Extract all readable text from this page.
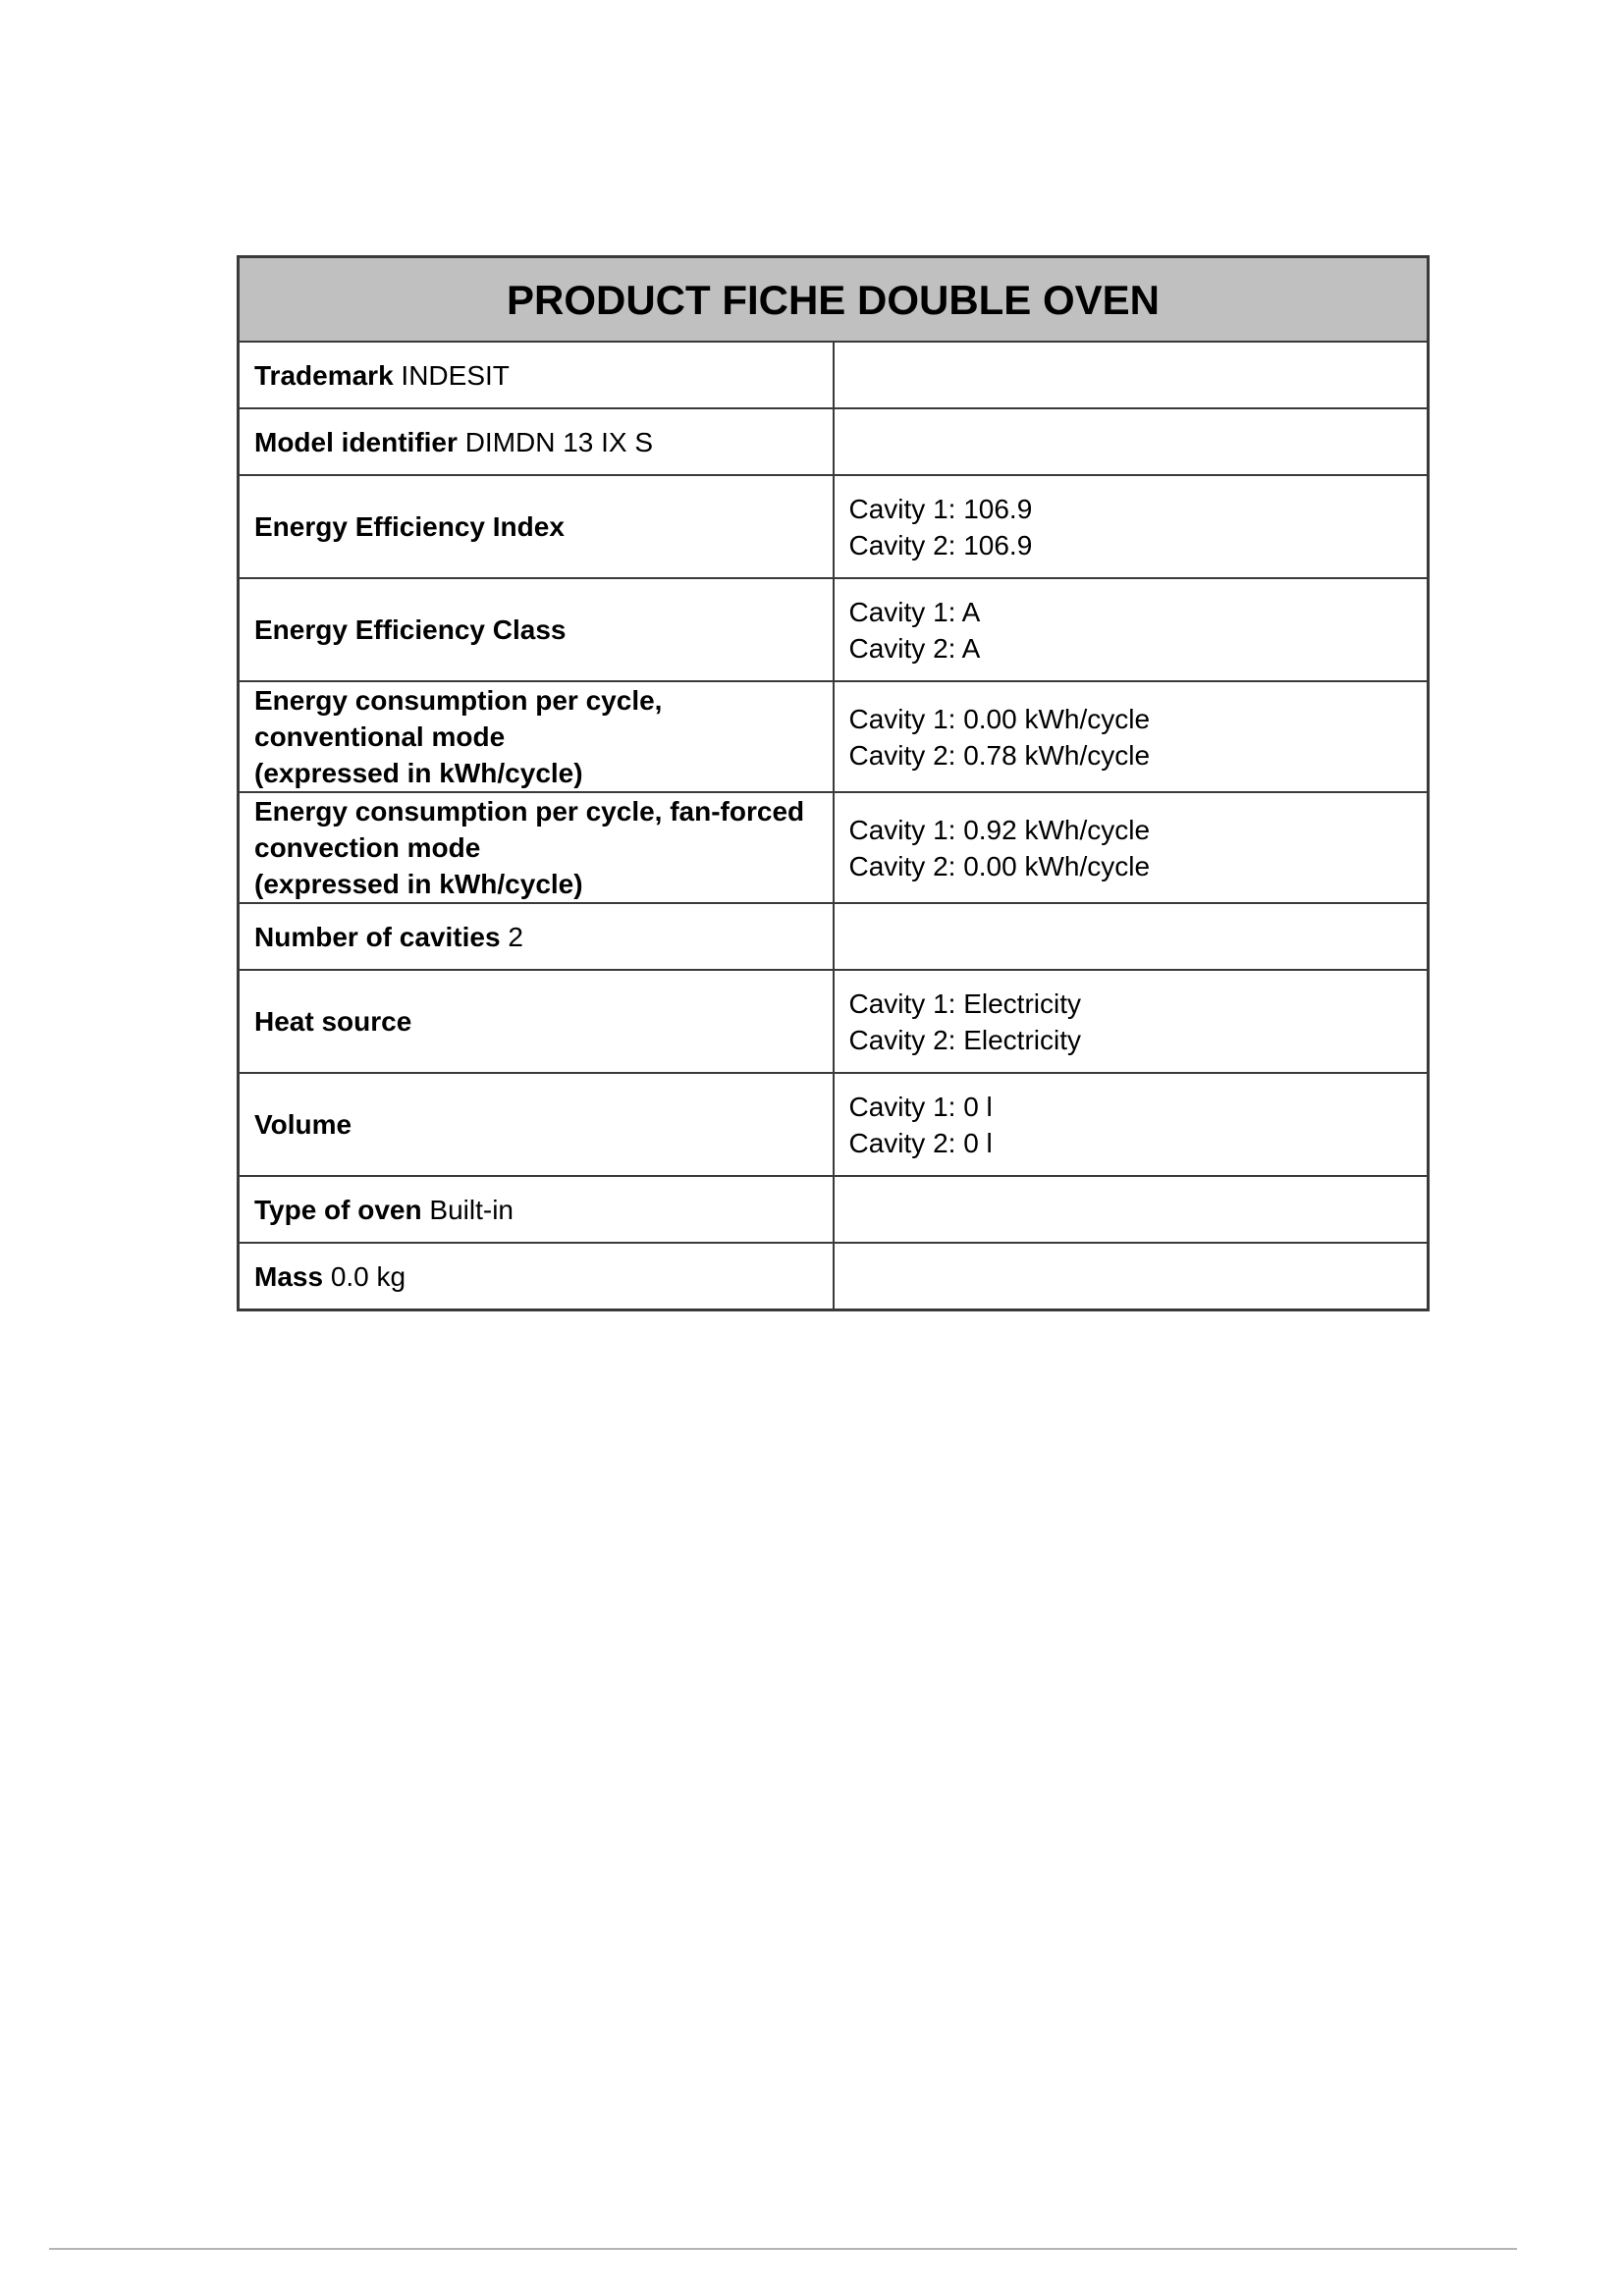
PRODUCT FICHE DOUBLE OVEN	
Trademark INDESIT	
Model identifier DIMDN 13 IX S	
Energy Efficiency Index	Cavity 1: 106.9
Cavity 2: 106.9

Energy Efficiency Class	Cavity 1: A
Cavity 2: A

Energy consumption per cycle, conventional mode
(expressed in kWh/cycle)	Cavity 1: 0.00 kWh/cycle
Cavity 2: 0.78 kWh/cycle

Energy consumption per cycle, fan-forced convection mode
(expressed in kWh/cycle)	Cavity 1: 0.92 kWh/cycle
Cavity 2: 0.00 kWh/cycle

Number of cavities 2	
Heat source	Cavity 1: Electricity
Cavity 2: Electricity

Volume	Cavity 1: 0 l
Cavity 2: 0 l

Type of oven Built-in	
Mass 0.0 kg	
